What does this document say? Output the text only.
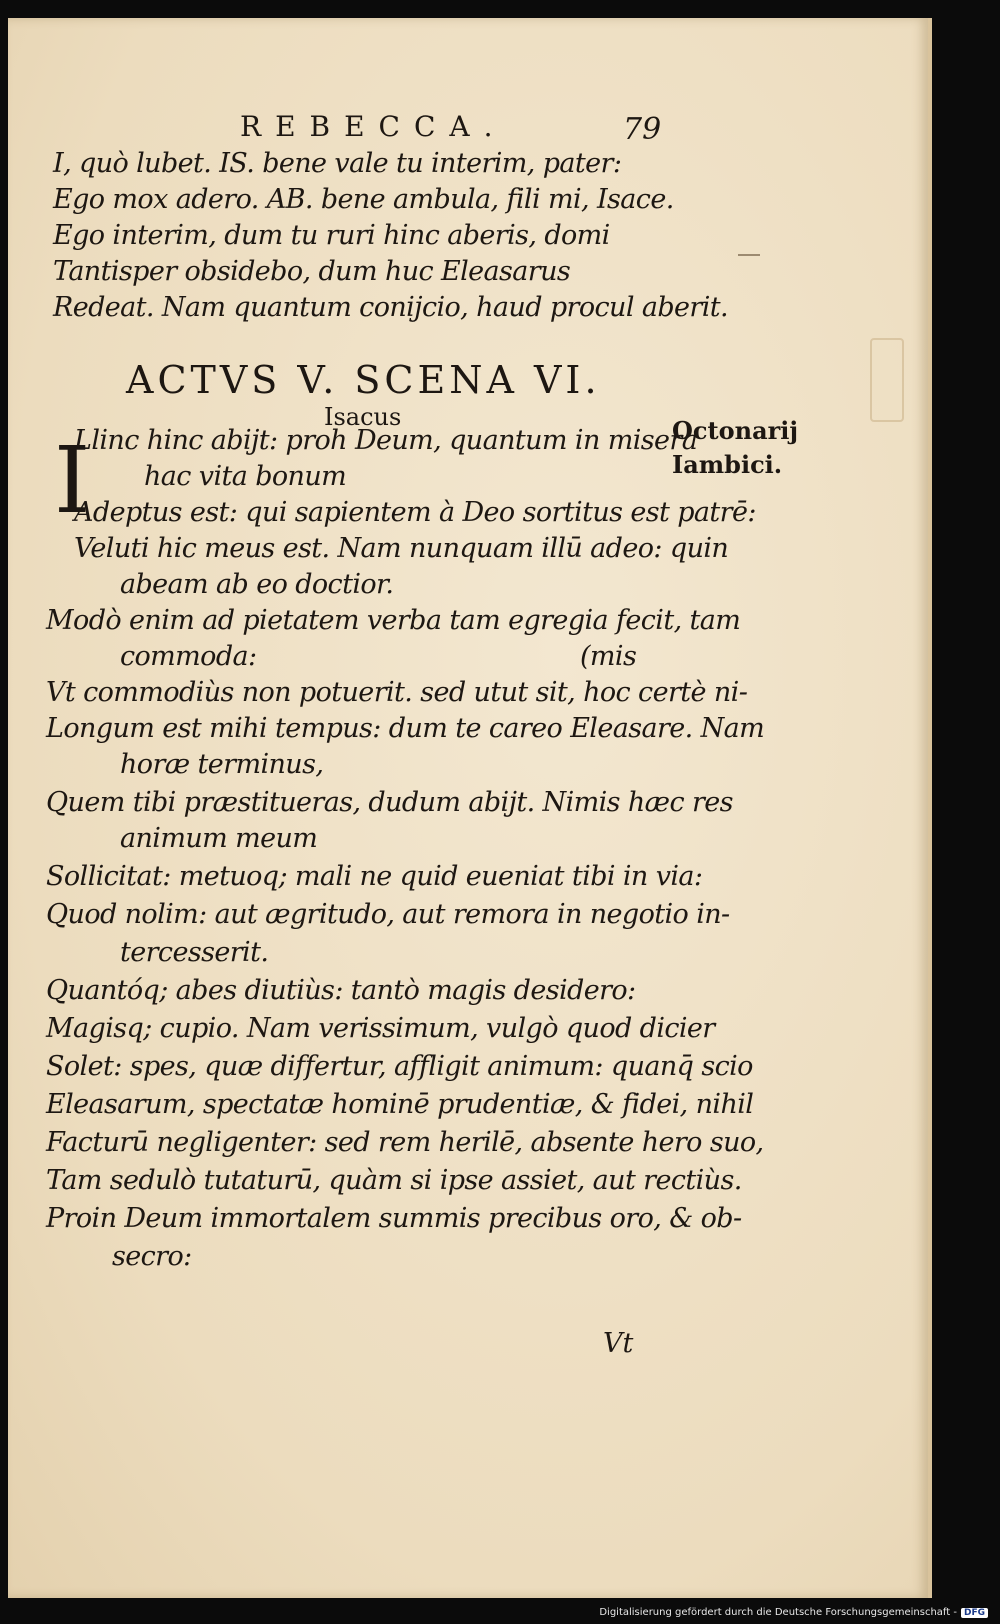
REBECCA.	79
I, quò lubet. IS. bene vale tu interim, pater:
Ego mox adero. AB. bene ambula, fili mi, Isace.
Ego interim, dum tu ruri hinc aberis, domi
Tantisper obsidebo, dum huc Eleasarus
Redeat. Nam quantum conijcio, haud procul aberit.
ACTVS V. SCENA VI.
Isacus
I
Llinc hinc abijt: proh Deum, quantum in misera
hac vita bonum
Adeptus est: qui sapientem à Deo sortitus est patrē:
Veluti hic meus est. Nam nunquam illū adeo: quin
abeam ab eo doctior.
Modò enim ad pietatem verba tam egregia fecit, tam
commoda:	(mis
Vt commodiùs non potuerit. sed utut sit, hoc certè ni-
Longum est mihi tempus: dum te careo Eleasare. Nam
horæ terminus,
Quem tibi præstitueras, dudum abijt. Nimis hæc res
animum meum
Sollicitat: metuoq; mali ne quid eueniat tibi in via:
Quod nolim: aut ægritudo, aut remora in negotio in-
tercesserit.
Quantóq; abes diutiùs: tantò magis desidero:
Magisq; cupio. Nam verissimum, vulgò quod dicier
Solet: spes, quæ differtur, affligit animum: quanq̄ scio
Eleasarum, spectatæ hominē prudentiæ, & fidei, nihil
Facturū negligenter: sed rem herilē, absente hero suo,
Tam sedulò tutaturū, quàm si ipse assiet, aut rectiùs.
Proin Deum immortalem summis precibus oro, & ob-
secro:
Octonarij
Iambici.
Vt
Digitalisierung gefördert durch die Deutsche Forschungsgemeinschaft - DFG
